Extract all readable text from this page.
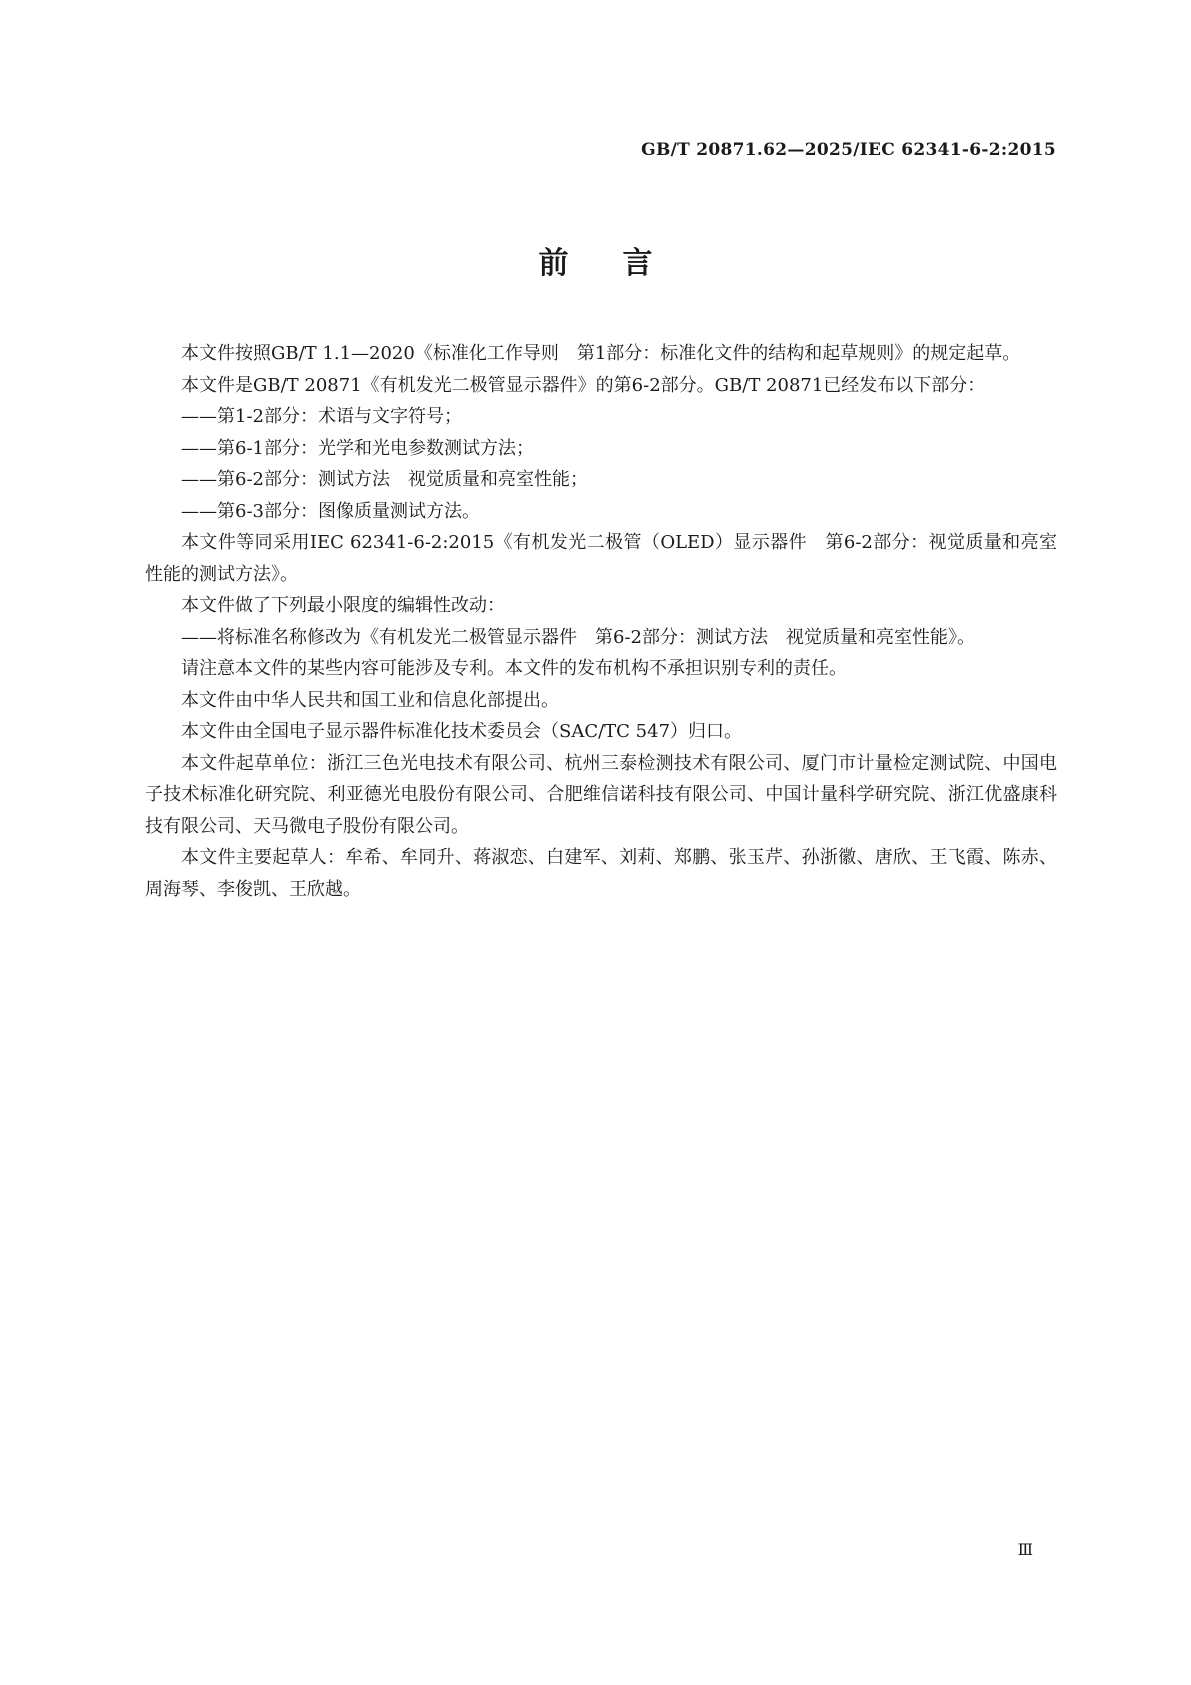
GB/T 20871.62—2025/IEC 62341-6-2:2015
前言

本文件按照GB/T 1.1—2020《标准化工作导则　第1部分：标准化文件的结构和起草规则》的规定起草。

本文件是GB/T 20871《有机发光二极管显示器件》的第6-2部分。GB/T 20871已经发布以下部分：

——第1-2部分：术语与文字符号；

——第6-1部分：光学和光电参数测试方法；

——第6-2部分：测试方法　视觉质量和亮室性能；

——第6-3部分：图像质量测试方法。

本文件等同采用IEC 62341-6-2:2015《有机发光二极管（OLED）显示器件　第6-2部分：视觉质量和亮室性能的测试方法》。

本文件做了下列最小限度的编辑性改动：

——将标准名称修改为《有机发光二极管显示器件　第6-2部分：测试方法　视觉质量和亮室性能》。

请注意本文件的某些内容可能涉及专利。本文件的发布机构不承担识别专利的责任。

本文件由中华人民共和国工业和信息化部提出。

本文件由全国电子显示器件标准化技术委员会（SAC/TC 547）归口。

本文件起草单位：浙江三色光电技术有限公司、杭州三泰检测技术有限公司、厦门市计量检定测试院、中国电子技术标准化研究院、利亚德光电股份有限公司、合肥维信诺科技有限公司、中国计量科学研究院、浙江优盛康科技有限公司、天马微电子股份有限公司。

本文件主要起草人：牟希、牟同升、蒋淑恋、白建军、刘莉、郑鹏、张玉芹、孙浙徽、唐欣、王飞霞、陈赤、周海琴、李俊凯、王欣越。

Ⅲ
